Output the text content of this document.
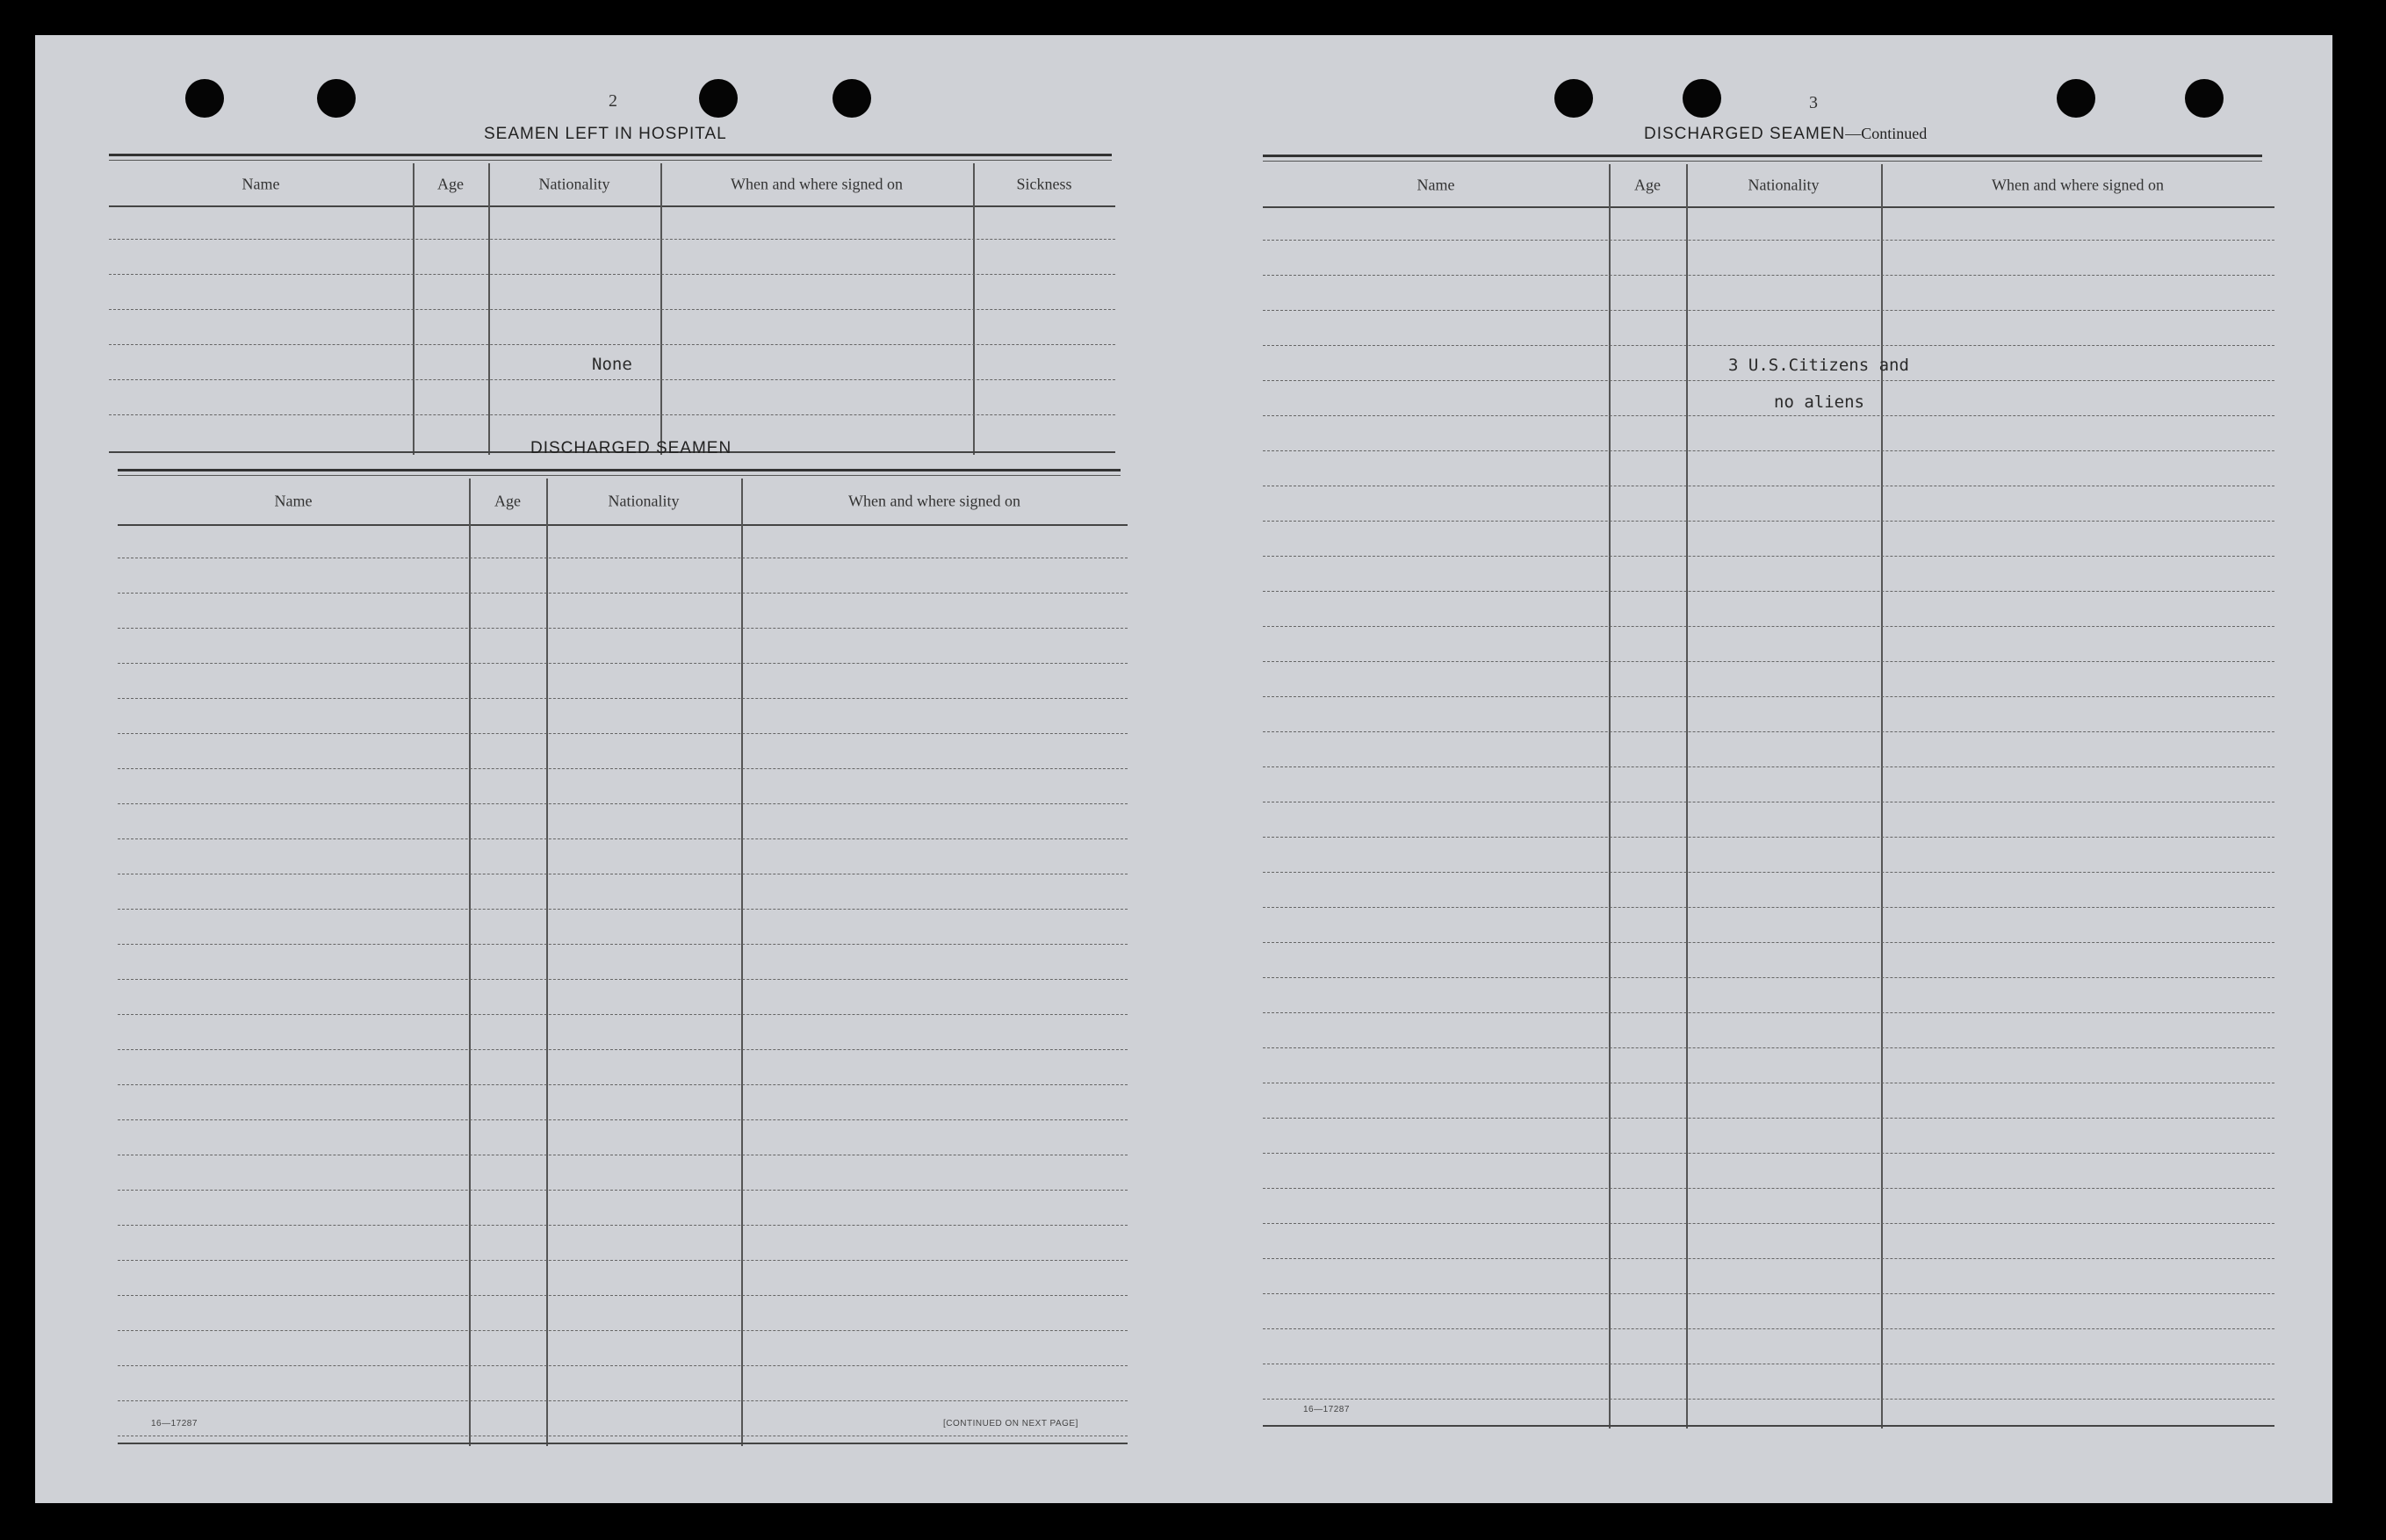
2
SEAMEN LEFT IN HOSPITAL
Name	Age	Nationality	When and where signed on	Sickness
None
DISCHARGED SEAMEN
Name	Age	Nationality	When and where signed on
16—17287	[CONTINUED ON NEXT PAGE]
3
DISCHARGED SEAMEN—Continued
Name	Age	Nationality	When and where signed on
3 U.S.Citizens and
no aliens
16—17287
